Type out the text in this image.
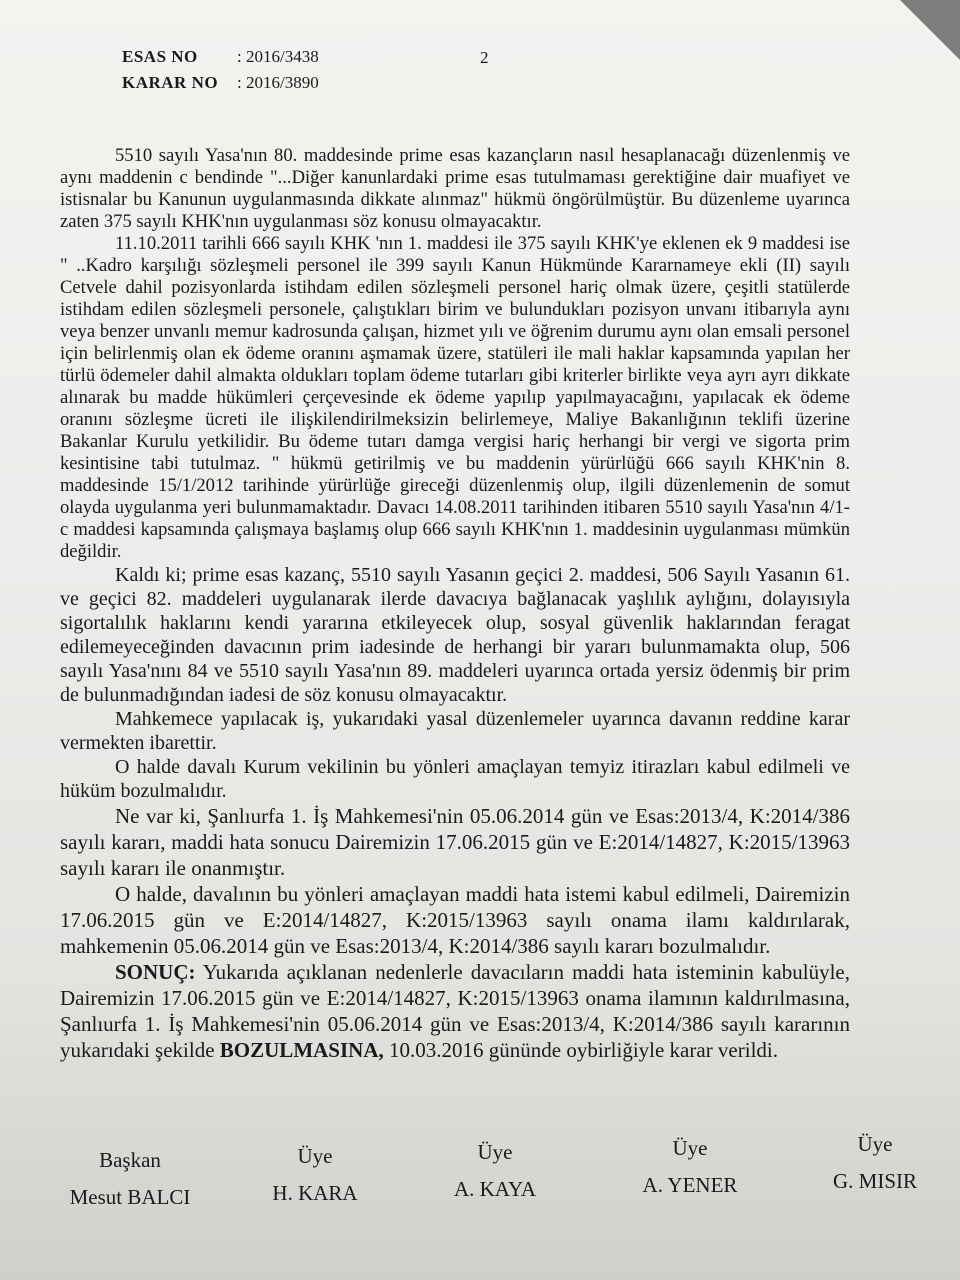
ESAS NO	: 2016/3438
KARAR NO	: 2016/3890
2

5510 sayılı Yasa'nın 80. maddesinde prime esas kazançların nasıl hesaplanacağı düzenlenmiş ve aynı maddenin c bendinde "...Diğer kanunlardaki prime esas tutulmaması gerektiğine dair muafiyet ve istisnalar bu Kanunun uygulanmasında dikkate alınmaz" hükmü öngörülmüştür. Bu düzenleme uyarınca zaten 375 sayılı KHK'nın uygulanması söz konusu olmayacaktır.

11.10.2011 tarihli 666 sayılı KHK 'nın 1. maddesi ile 375 sayılı KHK'ye eklenen ek 9 maddesi ise " ..Kadro karşılığı sözleşmeli personel ile 399 sayılı Kanun Hükmünde Kararnameye ekli (II) sayılı Cetvele dahil pozisyonlarda istihdam edilen sözleşmeli personel hariç olmak üzere, çeşitli statülerde istihdam edilen sözleşmeli personele, çalıştıkları birim ve bulundukları pozisyon unvanı itibarıyla aynı veya benzer unvanlı memur kadrosunda çalışan, hizmet yılı ve öğrenim durumu aynı olan emsali personel için belirlenmiş olan ek ödeme oranını aşmamak üzere, statüleri ile mali haklar kapsamında yapılan her türlü ödemeler dahil almakta oldukları toplam ödeme tutarları gibi kriterler birlikte veya ayrı ayrı dikkate alınarak bu madde hükümleri çerçevesinde ek ödeme yapılıp yapılmayacağını, yapılacak ek ödeme oranını sözleşme ücreti ile ilişkilendirilmeksizin belirlemeye, Maliye Bakanlığının teklifi üzerine Bakanlar Kurulu yetkilidir. Bu ödeme tutarı damga vergisi hariç herhangi bir vergi ve sigorta prim kesintisine tabi tutulmaz. " hükmü getirilmiş ve bu maddenin yürürlüğü 666 sayılı KHK'nin 8. maddesinde 15/1/2012 tarihinde yürürlüğe gireceği düzenlenmiş olup, ilgili düzenlemenin de somut olayda uygulanma yeri bulunmamaktadır. Davacı 14.08.2011 tarihinden itibaren 5510 sayılı Yasa'nın 4/1-c maddesi kapsamında çalışmaya başlamış olup 666 sayılı KHK'nın 1. maddesinin uygulanması mümkün değildir.

Kaldı ki; prime esas kazanç, 5510 sayılı Yasanın geçici 2. maddesi, 506 Sayılı Yasanın 61. ve geçici 82. maddeleri uygulanarak ilerde davacıya bağlanacak yaşlılık aylığını, dolayısıyla sigortalılık haklarını kendi yararına etkileyecek olup, sosyal güvenlik haklarından feragat edilemeyeceğinden davacının prim iadesinde de herhangi bir yararı bulunmamakta olup, 506 sayılı Yasa'nını 84 ve 5510 sayılı Yasa'nın 89. maddeleri uyarınca ortada yersiz ödenmiş bir prim de bulunmadığından iadesi de söz konusu olmayacaktır.

Mahkemece yapılacak iş, yukarıdaki yasal düzenlemeler uyarınca davanın reddine karar vermekten ibarettir.

O halde davalı Kurum vekilinin bu yönleri amaçlayan temyiz itirazları kabul edilmeli ve hüküm bozulmalıdır.

Ne var ki, Şanlıurfa 1. İş Mahkemesi'nin 05.06.2014 gün ve Esas:2013/4, K:2014/386 sayılı kararı, maddi hata sonucu Dairemizin 17.06.2015 gün ve E:2014/14827, K:2015/13963 sayılı kararı ile onanmıştır.

O halde, davalının bu yönleri amaçlayan maddi hata istemi kabul edilmeli, Dairemizin 17.06.2015 gün ve E:2014/14827, K:2015/13963 sayılı onama ilamı kaldırılarak, mahkemenin 05.06.2014 gün ve Esas:2013/4, K:2014/386 sayılı kararı bozulmalıdır.

SONUÇ: Yukarıda açıklanan nedenlerle davacıların maddi hata isteminin kabulüyle, Dairemizin 17.06.2015 gün ve E:2014/14827, K:2015/13963 onama ilamının kaldırılmasına, Şanlıurfa 1. İş Mahkemesi'nin 05.06.2014 gün ve Esas:2013/4, K:2014/386 sayılı kararının yukarıdaki şekilde BOZULMASINA, 10.03.2016 gününde oybirliğiyle karar verildi.

Başkan
Mesut BALCI
Üye
H. KARA
Üye
A. KAYA
Üye
A. YENER
Üye
G. MISIR
